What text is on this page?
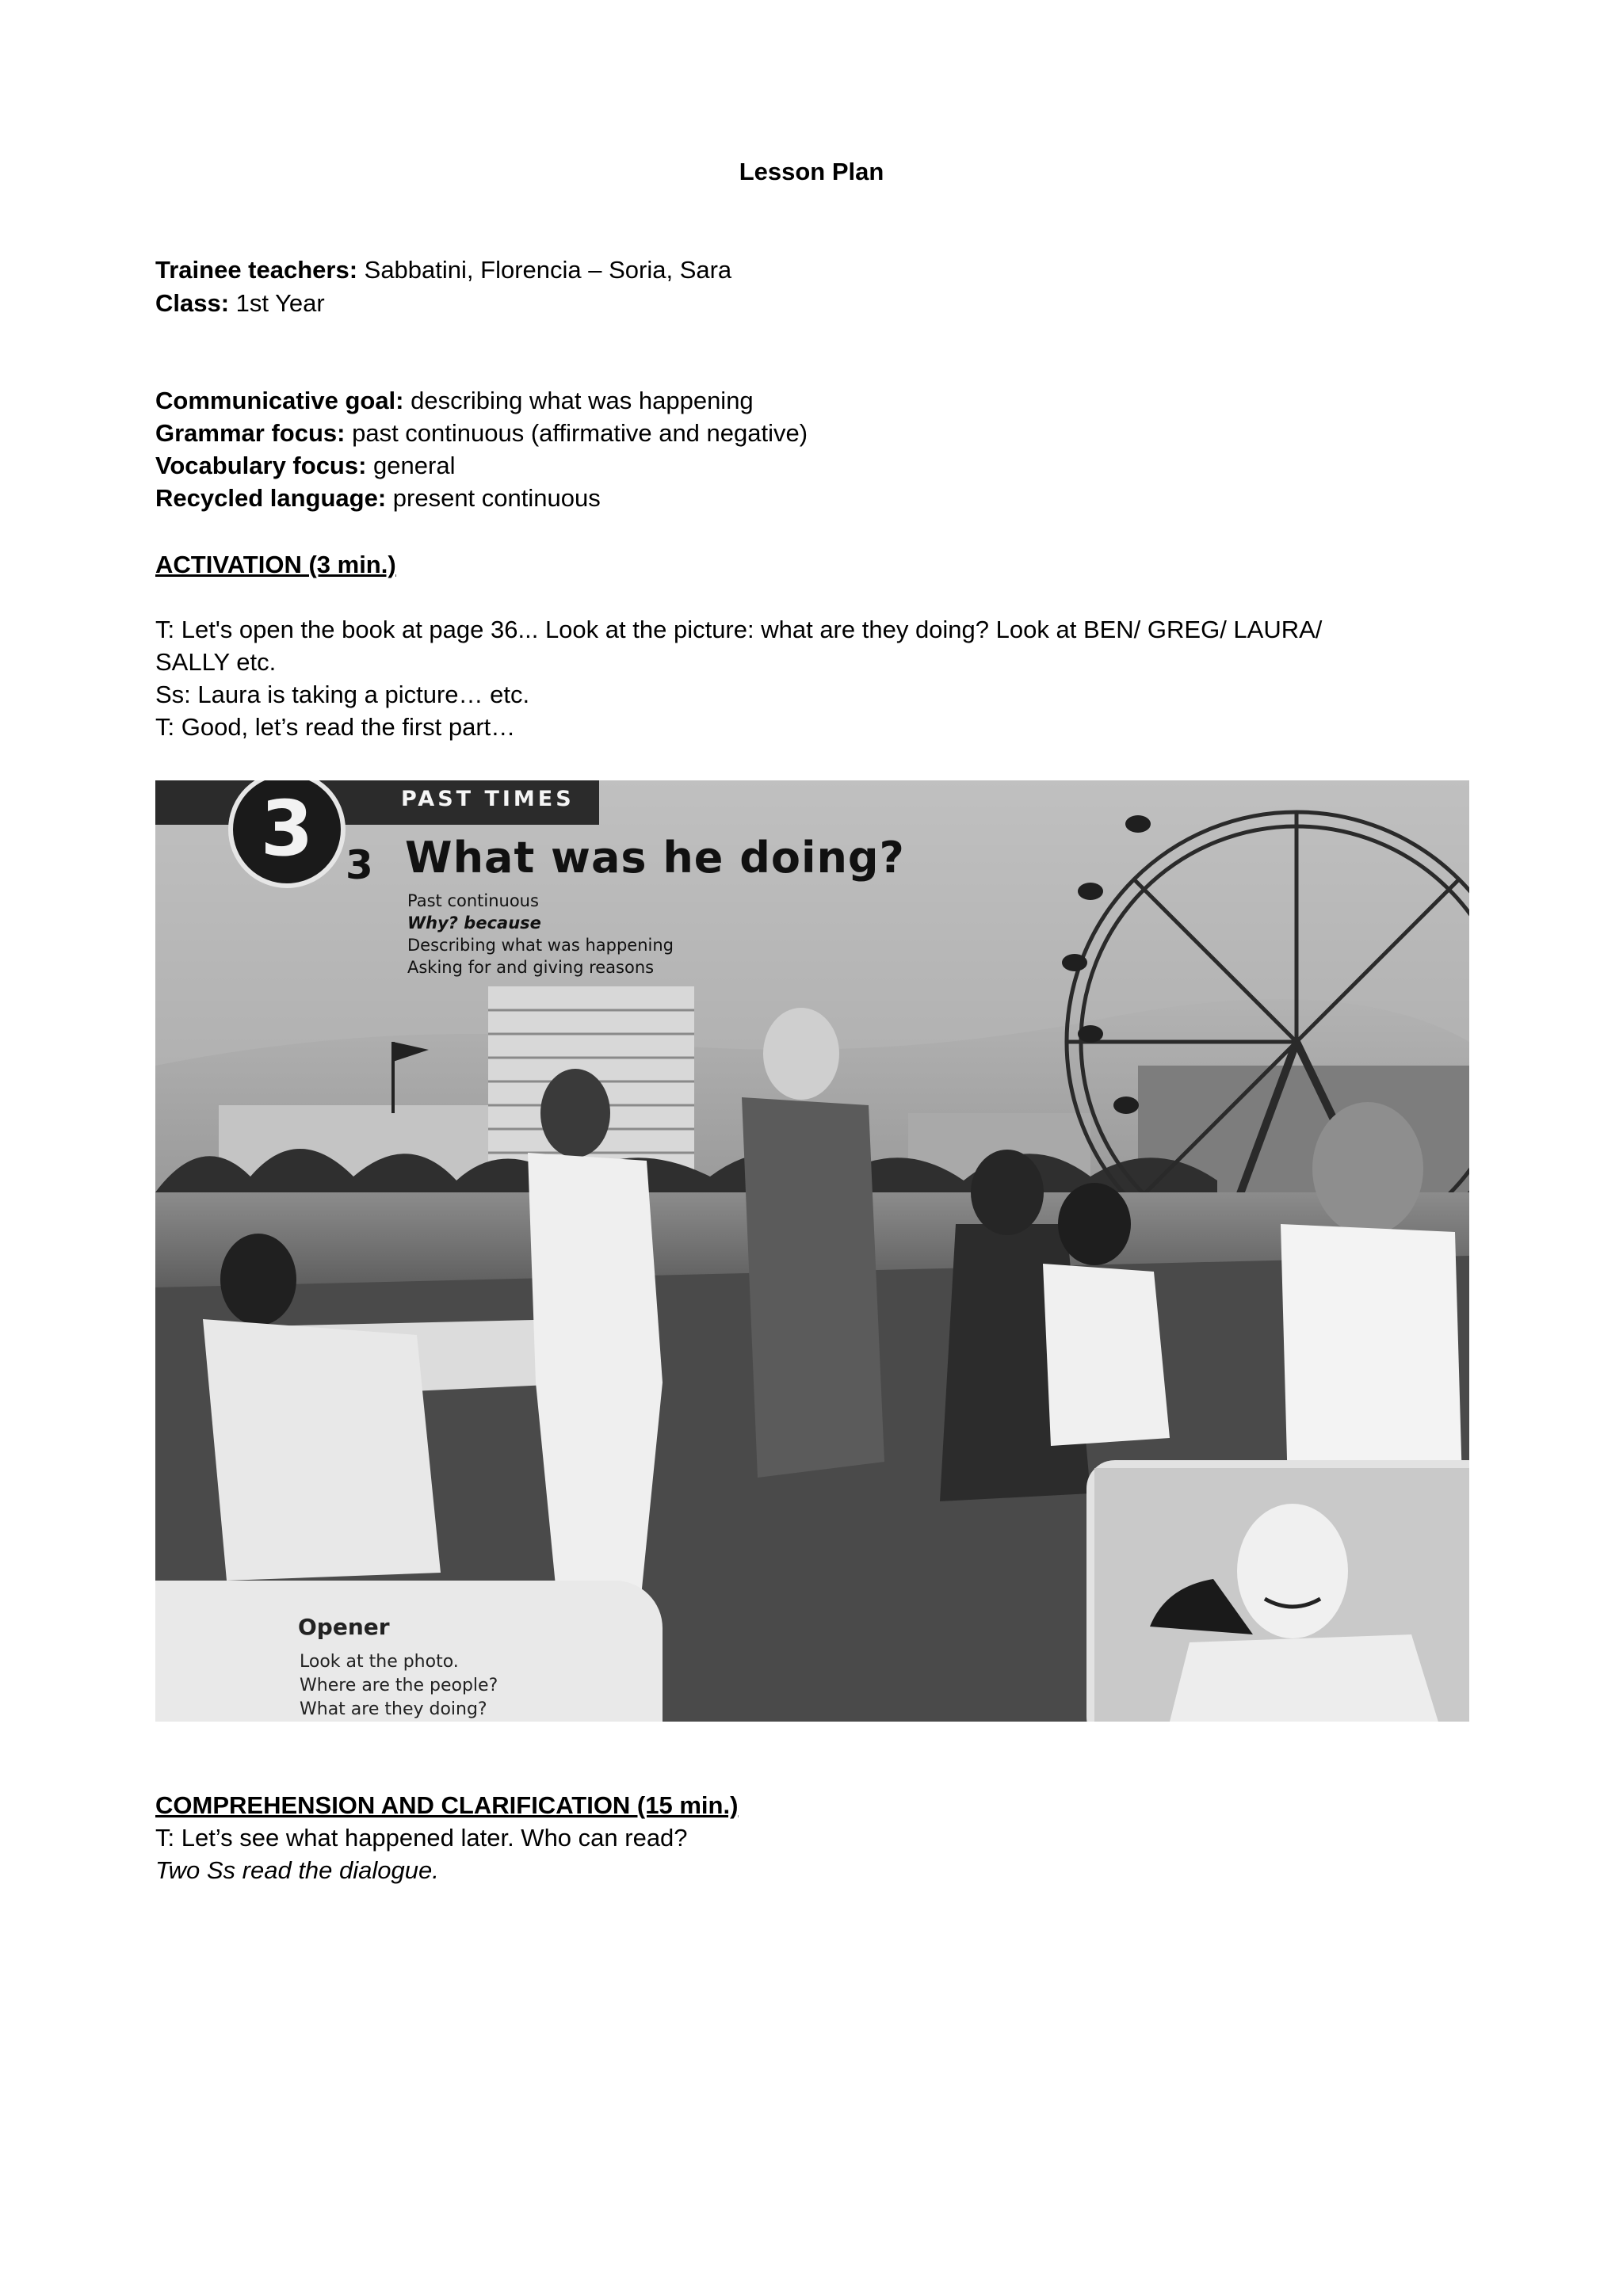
Lesson Plan
Trainee teachers: Sabbatini, Florencia – Soria, Sara
Class: 1st Year
Communicative goal: describing what was happening
Grammar focus: past continuous (affirmative and negative)
Vocabulary focus: general
Recycled language: present continuous
ACTIVATION (3 min.)
T: Let's open the book at page 36... Look at the picture: what are they doing? Look at BEN/ GREG/ LAURA/
SALLY etc.
Ss: Laura is taking a picture… etc.
T: Good, let’s read the first part…
PAST TIMES
3 3 What was he doing?
Past continuous
Why? because
Describing what was happening
Asking for and giving reasons
Opener
Look at the photo.
Where are the people?
What are they doing?
COMPREHENSION AND CLARIFICATION (15 min.)
T: Let’s see what happened later. Who can read?
Two Ss read the dialogue.
